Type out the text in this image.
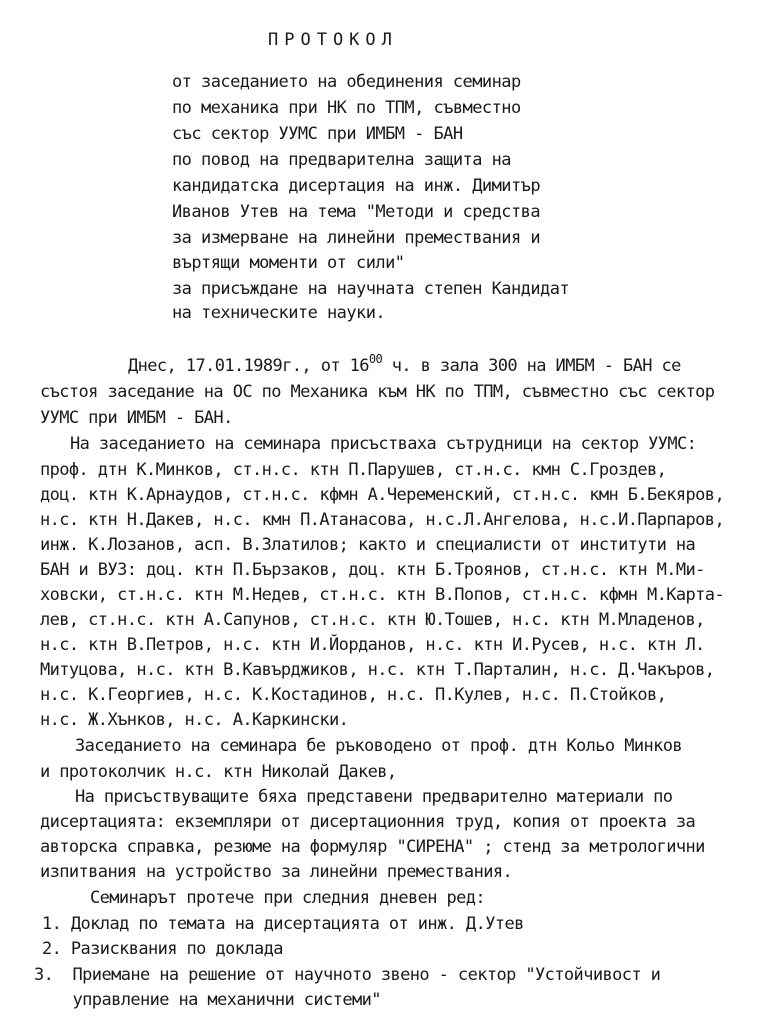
ПРОТОКОЛ
от заседанието на обединения семинар
по механика при НК по ТПМ, съвместно
със сектор УУМС при ИМБМ - БАН
по повод на предварителна защита на
кандидатска дисертация на инж. Димитър
Иванов Утев на тема "Методи и средства
за измерване на линейни премествания и
въртящи моменти от сили"
за присъждане на научната степен Кандидат
на техническите науки.
Днес, 17.01.1989г., от $16^{00}$ ч. в зала 300 на ИМБМ - БАН се
състоя заседание на ОС по Механика към НК по ТПМ, съвместно със сектор
УУМС при ИМБМ - БАН.
На заседанието на семинара присъстваха сътрудници на сектор УУМС:
проф. дтн К.Минков, ст.н.с. ктн П.Парушев, ст.н.с. кмн С.Гроздев,
доц. ктн К.Арнаудов, ст.н.с. кфмн А.Череменский, ст.н.с. кмн Б.Бекяров,
н.с. ктн Н.Дакев, н.с. кмн П.Атанасова, н.с.Л.Ангелова, н.с.И.Парпаров,
инж. К.Лозанов, асп. В.Златилов; както и специалисти от институти на
БАН и ВУЗ: доц. ктн П.Бързаков, доц. ктн Б.Троянов, ст.н.с. ктн М.Ми-
ховски, ст.н.с. ктн М.Недев, ст.н.с. ктн В.Попов, ст.н.с. кфмн М.Картa-
лев, ст.н.с. ктн А.Сапунов, ст.н.с. ктн Ю.Тошев, н.с. ктн М.Младенов,
н.с. ктн В.Петров, н.с. ктн И.Йорданов, н.с. ктн И.Русев, н.с. ктн Л.
Митуцова, н.с. ктн В.Кавърджиков, н.с. ктн Т.Парталин, н.с. Д.Чакъров,
н.с. К.Георгиев, н.с. К.Костадинов, н.с. П.Кулев, н.с. П.Стойков,
н.с. Ж.Хънков, н.с. А.Каркински.
Заседанието на семинара бе ръководено от проф. дтн Кольо Минков
и протоколчик н.с. ктн Николай Дакев,
На присъствуващите бяха представени предварително материали по
дисертацията: екземпляри от дисертационния труд, копия от проекта за
авторска справка, резюме на формуляр "СИРЕНА" ; стенд за метрологични
изпитвания на устройство за линейни премествания.
Семинарът протече при следния дневен ред:
1. Доклад по темата на дисертацията от инж. Д.Утев
2. Разисквания по доклада
3.  Приемане на решение от научното звено - сектор "Устойчивост и
управление на механични системи"
